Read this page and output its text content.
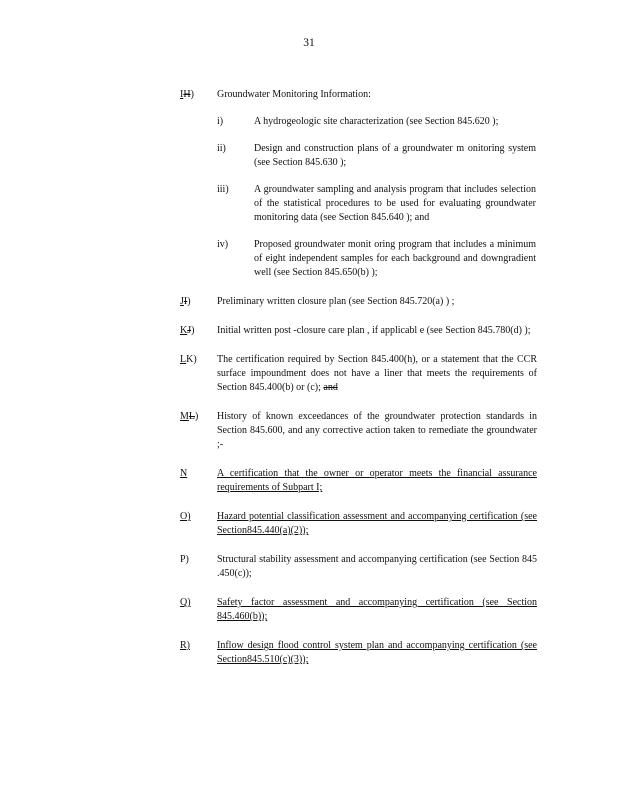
31
IH)	Groundwater Monitoring Information:
i)	A hydrogeologic site characterization (see Section 845.620 );
ii)	Design and construction plans of a groundwater m onitoring system (see Section 845.630 );
iii)	A groundwater sampling and analysis program that includes selection of the statistical procedures to be used for evaluating groundwater monitoring data (see Section 845.640 ); and
iv)	Proposed groundwater monit oring program that includes a minimum of eight independent samples for each background and downgradient well (see Section 845.650(b) );
JI)	Preliminary written closure plan (see Section 845.720(a) ) ;
KJ)	Initial written post -closure care plan , if applicabl e (see Section 845.780(d) );
LK)	The certification required by Section 845.400(h), or a statement that the CCR surface impoundment does not have a liner that meets the requirements of Section 845.400(b) or (c); and
ML)	History of known exceedances of the groundwater protection standards in Section 845.600, and any corrective action taken to remediate the groundwater ;-
N	A certification that the owner or operator meets the financial assurance requirements of Subpart I;
O)	Hazard potential classification assessment and accompanying certification (see Section845.440(a)(2));
P)	Structural stability assessment and accompanying certification (see Section 845 .450(c));
Q)	Safety factor assessment and accompanying certification (see Section 845.460(b));
R)	Inflow design flood control system plan and accompanying certification (see Section845.510(c)(3));
